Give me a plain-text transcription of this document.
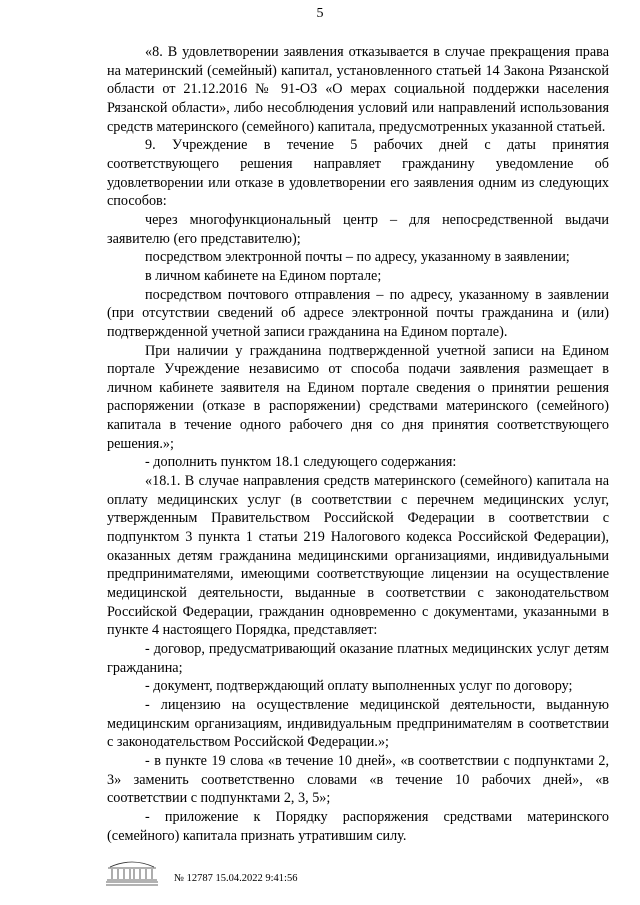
5

«8. В удовлетворении заявления отказывается в случае прекращения права на материнский (семейный) капитал, установленного статьей 14 Закона Рязанской области от 21.12.2016 № 91-ОЗ «О мерах социальной поддержки населения Рязанской области», либо несоблюдения условий или направлений использования средств материнского (семейного) капитала, предусмотренных указанной статьей.

9. Учреждение в течение 5 рабочих дней с даты принятия соответствующего решения направляет гражданину уведомление об удовлетворении или отказе в удовлетворении его заявления одним из следующих способов:

через многофункциональный центр – для непосредственной выдачи заявителю (его представителю);

посредством электронной почты – по адресу, указанному в заявлении;

в личном кабинете на Едином портале;

посредством почтового отправления – по адресу, указанному в заявлении (при отсутствии сведений об адресе электронной почты гражданина и (или) подтвержденной учетной записи гражданина на Едином портале).

При наличии у гражданина подтвержденной учетной записи на Едином портале Учреждение независимо от способа подачи заявления размещает в личном кабинете заявителя на Едином портале сведения о принятии решения распоряжении (отказе в распоряжении) средствами материнского (семейного) капитала в течение одного рабочего дня со дня принятия соответствующего решения.»;

- дополнить пунктом 18.1 следующего содержания:

«18.1. В случае направления средств материнского (семейного) капитала на оплату медицинских услуг (в соответствии с перечнем медицинских услуг, утвержденным Правительством Российской Федерации в соответствии с подпунктом 3 пункта 1 статьи 219 Налогового кодекса Российской Федерации), оказанных детям гражданина медицинскими организациями, индивидуальными предпринимателями, имеющими соответствующие лицензии на осуществление медицинской деятельности, выданные в соответствии с законодательством Российской Федерации, гражданин одновременно с документами, указанными в пункте 4 настоящего Порядка, представляет:

- договор, предусматривающий оказание платных медицинских услуг детям гражданина;

- документ, подтверждающий оплату выполненных услуг по договору;

- лицензию на осуществление медицинской деятельности, выданную медицинским организациям, индивидуальным предпринимателям в соответствии с законодательством Российской Федерации.»;

- в пункте 19 слова «в течение 10 дней», «в соответствии с подпунктами 2, 3» заменить соответственно словами «в течение 10 рабочих дней», «в соответствии с подпунктами 2, 3, 5»;

- приложение к Порядку распоряжения средствами материнского (семейного) капитала признать утратившим силу.

№ 12787 15.04.2022 9:41:56
